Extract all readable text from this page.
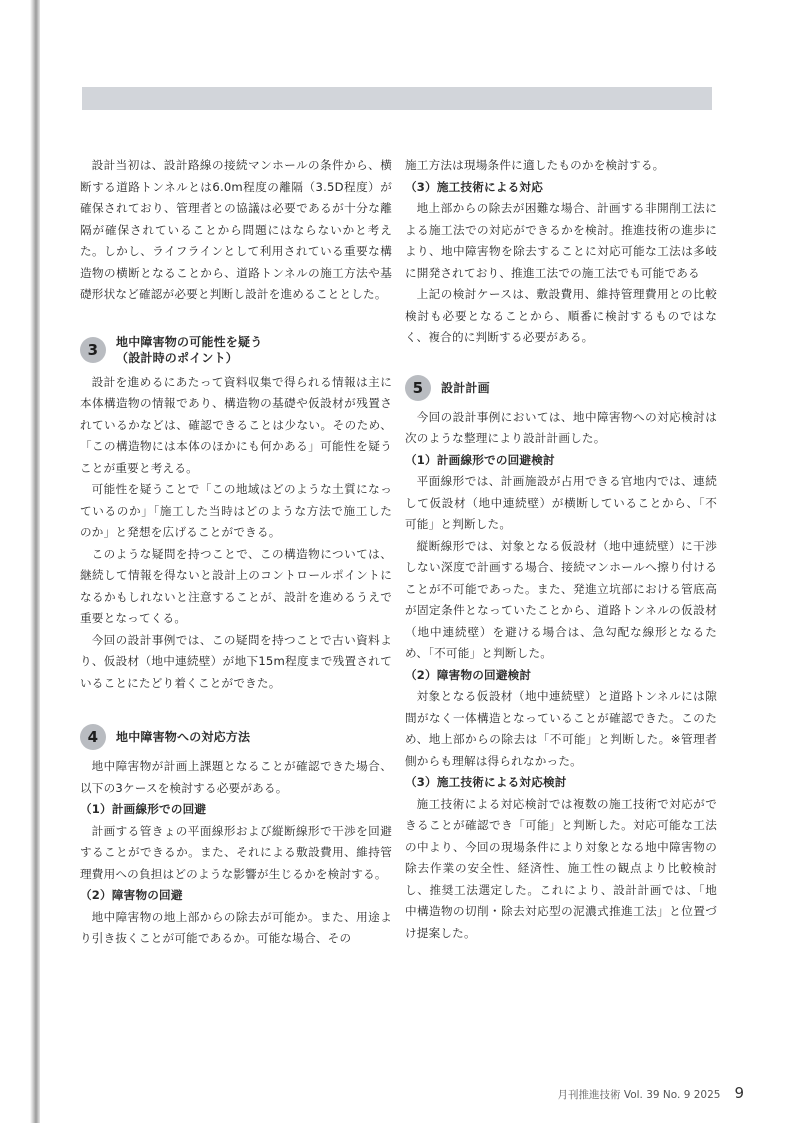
設計当初は、設計路線の接続マンホールの条件から、横断する道路トンネルとは6.0m程度の離隔（3.5D程度）が確保されており、管理者との協議は必要であるが十分な離隔が確保されていることから問題にはならないかと考えた。しかし、ライフラインとして利用されている重要な構造物の横断となることから、道路トンネルの施工方法や基礎形状など確認が必要と判断し設計を進めることとした。

3	地中障害物の可能性を疑う
（設計時のポイント）

設計を進めるにあたって資料収集で得られる情報は主に本体構造物の情報であり、構造物の基礎や仮設材が残置されているかなどは、確認できることは少ない。そのため、「この構造物には本体のほかにも何かある」可能性を疑うことが重要と考える。

可能性を疑うことで「この地域はどのような土質になっているのか」「施工した当時はどのような方法で施工したのか」と発想を広げることができる。

このような疑問を持つことで、この構造物については、継続して情報を得ないと設計上のコントロールポイントになるかもしれないと注意することが、設計を進めるうえで重要となってくる。

今回の設計事例では、この疑問を持つことで古い資料より、仮設材（地中連続壁）が地下15m程度まで残置されていることにたどり着くことができた。

4	地中障害物への対応方法

地中障害物が計画上課題となることが確認できた場合、以下の3ケースを検討する必要がある。

（1）計画線形での回避

計画する管きょの平面線形および縦断線形で干渉を回避することができるか。また、それによる敷設費用、維持管理費用への負担はどのような影響が生じるかを検討する。

（2）障害物の回避

地中障害物の地上部からの除去が可能か。また、用途より引き抜くことが可能であるか。可能な場合、その

施工方法は現場条件に適したものかを検討する。

（3）施工技術による対応

地上部からの除去が困難な場合、計画する非開削工法による施工法での対応ができるかを検討。推進技術の進歩により、地中障害物を除去することに対応可能な工法は多岐に開発されており、推進工法での施工法でも可能である

上記の検討ケースは、敷設費用、維持管理費用との比較検討も必要となることから、順番に検討するものではなく、複合的に判断する必要がある。

5	設計計画

今回の設計事例においては、地中障害物への対応検討は次のような整理により設計計画した。

（1）計画線形での回避検討

平面線形では、計画施設が占用できる官地内では、連続して仮設材（地中連続壁）が横断していることから、「不可能」と判断した。

縦断線形では、対象となる仮設材（地中連続壁）に干渉しない深度で計画する場合、接続マンホールへ擦り付けることが不可能であった。また、発進立坑部における管底高が固定条件となっていたことから、道路トンネルの仮設材（地中連続壁）を避ける場合は、急勾配な線形となるため、「不可能」と判断した。

（2）障害物の回避検討

対象となる仮設材（地中連続壁）と道路トンネルには隙間がなく一体構造となっていることが確認できた。このため、地上部からの除去は「不可能」と判断した。※管理者側からも理解は得られなかった。

（3）施工技術による対応検討

施工技術による対応検討では複数の施工技術で対応ができることが確認でき「可能」と判断した。対応可能な工法の中より、今回の現場条件により対象となる地中障害物の除去作業の安全性、経済性、施工性の観点より比較検討し、推奨工法選定した。これにより、設計計画では、「地中構造物の切削・除去対応型の泥濃式推進工法」と位置づけ提案した。

月刊推進技術 Vol. 39 No. 9 2025 9
